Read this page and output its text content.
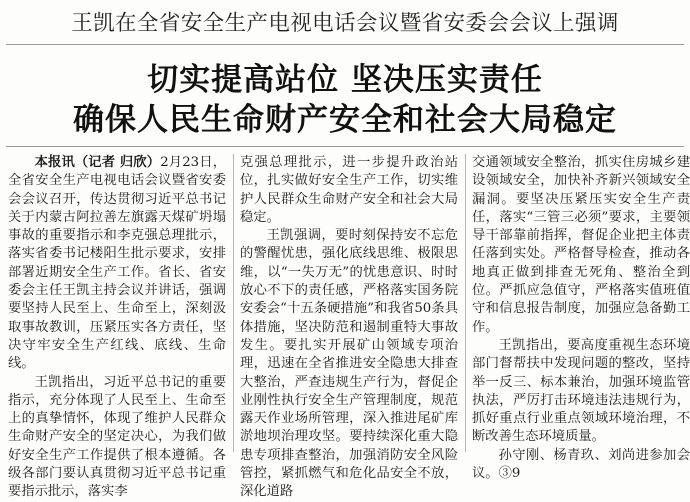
王凯在全省安全生产电视电话会议暨省安委会会议上强调
切实提高站位 坚决压实责任
确保人民生命财产安全和社会大局稳定

本报讯（记者 归欣）2月23日，全省安全生产电视电话会议暨省安委会会议召开，传达贯彻习近平总书记关于内蒙古阿拉善左旗露天煤矿坍塌事故的重要指示和李克强总理批示，落实省委书记楼阳生批示要求，安排部署近期安全生产工作。省长、省安委会主任王凯主持会议并讲话，强调要坚持人民至上、生命至上，深刻汲取事故教训，压紧压实各方责任，坚决守牢安全生产红线、底线、生命线。

王凯指出，习近平总书记的重要指示，充分体现了人民至上、生命至上的真挚情怀，体现了维护人民群众生命财产安全的坚定决心，为我们做好安全生产工作提供了根本遵循。各级各部门要认真贯彻习近平总书记重要指示批示，落实李

克强总理批示，进一步提升政治站位，扎实做好安全生产工作，切实维护人民群众生命财产安全和社会大局稳定。

王凯强调，要时刻保持安不忘危的警醒忧患，强化底线思维、极限思维，以“一失万无”的忧患意识、时时放心不下的责任感，严格落实国务院安委会“十五条硬措施”和我省50条具体措施，坚决防范和遏制重特大事故发生。要扎实开展矿山领域专项治理，迅速在全省推进安全隐患大排查大整治，严查违规生产行为，督促企业刚性执行安全生产管理制度，规范露天作业场所管理，深入推进尾矿库淤地坝治理攻坚。要持续深化重大隐患专项排查整治，加强消防安全风险管控，紧抓燃气和危化品安全不放，深化道路

交通领域安全整治，抓实住房城乡建设领域安全，加快补齐新兴领域安全漏洞。要坚决压紧压实安全生产责任，落实“三管三必须”要求，主要领导干部靠前指挥，督促企业把主体责任落到实处。严格督导检查，推动各地真正做到排查无死角、整治全到位。严抓应急值守，严格落实值班值守和信息报告制度，加强应急备勤工作。

王凯指出，要高度重视生态环境部门督帮扶中发现问题的整改，坚持举一反三、标本兼治，加强环境监管执法，严厉打击环境违法违规行为，抓好重点行业重点领域环境治理，不断改善生态环境质量。

孙守刚、杨青玖、刘尚进参加会议。③9
